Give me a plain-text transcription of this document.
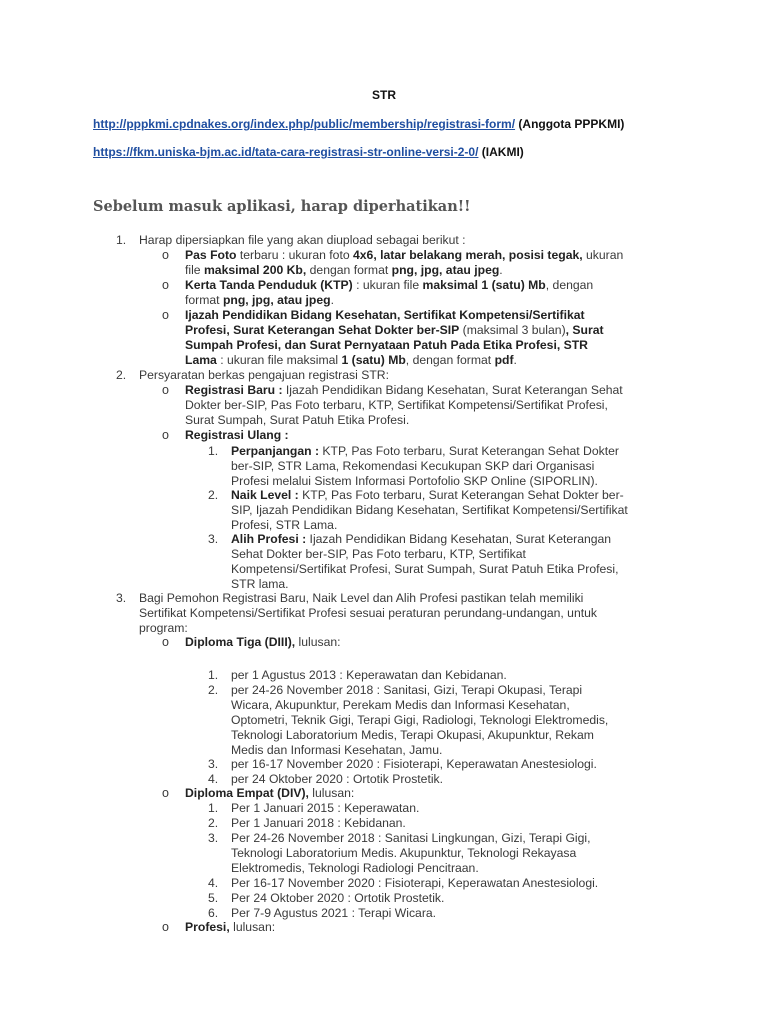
STR
http://pppkmi.cpdnakes.org/index.php/public/membership/registrasi-form/ (Anggota PPPKMI)
https://fkm.uniska-bjm.ac.id/tata-cara-registrasi-str-online-versi-2-0/ (IAKMI)
Sebelum masuk aplikasi, harap diperhatikan!!
1. Harap dipersiapkan file yang akan diupload sebagai berikut :
o Pas Foto terbaru : ukuran foto 4x6, latar belakang merah, posisi tegak, ukuran
file maksimal 200 Kb, dengan format png, jpg, atau jpeg.
o Kerta Tanda Penduduk (KTP) : ukuran file maksimal 1 (satu) Mb, dengan
format png, jpg, atau jpeg.
o Ijazah Pendidikan Bidang Kesehatan, Sertifikat Kompetensi/Sertifikat
Profesi, Surat Keterangan Sehat Dokter ber-SIP (maksimal 3 bulan), Surat
Sumpah Profesi, dan Surat Pernyataan Patuh Pada Etika Profesi, STR
Lama : ukuran file maksimal 1 (satu) Mb, dengan format pdf.
2. Persyaratan berkas pengajuan registrasi STR:
o Registrasi Baru : Ijazah Pendidikan Bidang Kesehatan, Surat Keterangan Sehat
Dokter ber-SIP, Pas Foto terbaru, KTP, Sertifikat Kompetensi/Sertifikat Profesi,
Surat Sumpah, Surat Patuh Etika Profesi.
o Registrasi Ulang :
1. Perpanjangan : KTP, Pas Foto terbaru, Surat Keterangan Sehat Dokter
ber-SIP, STR Lama, Rekomendasi Kecukupan SKP dari Organisasi
Profesi melalui Sistem Informasi Portofolio SKP Online (SIPORLIN).
2. Naik Level : KTP, Pas Foto terbaru, Surat Keterangan Sehat Dokter ber-
SIP, Ijazah Pendidikan Bidang Kesehatan, Sertifikat Kompetensi/Sertifikat
Profesi, STR Lama.
3. Alih Profesi : Ijazah Pendidikan Bidang Kesehatan, Surat Keterangan
Sehat Dokter ber-SIP, Pas Foto terbaru, KTP, Sertifikat
Kompetensi/Sertifikat Profesi, Surat Sumpah, Surat Patuh Etika Profesi,
STR lama.
3. Bagi Pemohon Registrasi Baru, Naik Level dan Alih Profesi pastikan telah memiliki
Sertifikat Kompetensi/Sertifikat Profesi sesuai peraturan perundang-undangan, untuk
program:
o Diploma Tiga (DIII), lulusan:
1. per 1 Agustus 2013 : Keperawatan dan Kebidanan.
2. per 24-26 November 2018 : Sanitasi, Gizi, Terapi Okupasi, Terapi
Wicara, Akupunktur, Perekam Medis dan Informasi Kesehatan,
Optometri, Teknik Gigi, Terapi Gigi, Radiologi, Teknologi Elektromedis,
Teknologi Laboratorium Medis, Terapi Okupasi, Akupunktur, Rekam
Medis dan Informasi Kesehatan, Jamu.
3. per 16-17 November 2020 : Fisioterapi, Keperawatan Anestesiologi.
4. per 24 Oktober 2020 : Ortotik Prostetik.
o Diploma Empat (DIV), lulusan:
1. Per 1 Januari 2015 : Keperawatan.
2. Per 1 Januari 2018 : Kebidanan.
3. Per 24-26 November 2018 : Sanitasi Lingkungan, Gizi, Terapi Gigi,
Teknologi Laboratorium Medis. Akupunktur, Teknologi Rekayasa
Elektromedis, Teknologi Radiologi Pencitraan.
4. Per 16-17 November 2020 : Fisioterapi, Keperawatan Anestesiologi.
5. Per 24 Oktober 2020 : Ortotik Prostetik.
6. Per 7-9 Agustus 2021 : Terapi Wicara.
o Profesi, lulusan:
